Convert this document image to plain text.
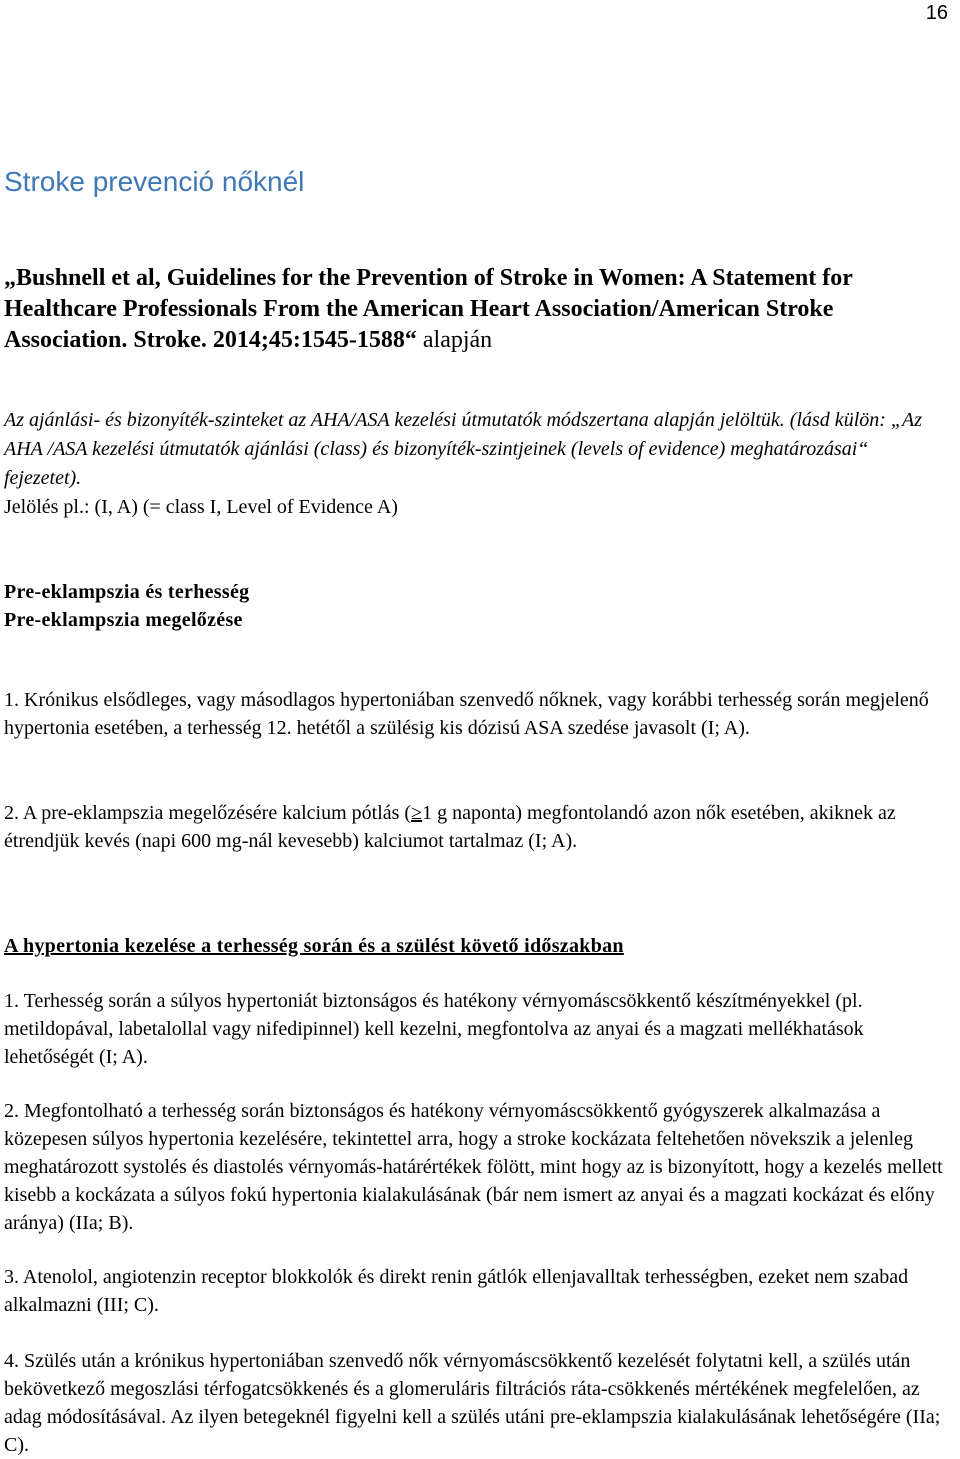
16
Stroke prevenció nőknél

„Bushnell et al, Guidelines for the Prevention of Stroke in Women: A Statement for Healthcare Professionals From the American Heart Association/American Stroke Association. Stroke. 2014;45:1545-1588“ alapján

Az ajánlási- és bizonyíték-szinteket az AHA/ASA kezelési útmutatók módszertana alapján jelöltük. (lásd külön: „Az AHA /ASA kezelési útmutatók ajánlási (class) és bizonyíték-szintjeinek (levels of evidence) meghatározásai“ fejezetet).
Jelölés pl.: (I, A) (= class I, Level of Evidence A)
Pre-eklampszia és terhesség
Pre-eklampszia megelőzése

1. Krónikus elsődleges, vagy másodlagos hypertoniában szenvedő nőknek, vagy korábbi terhesség során megjelenő hypertonia esetében, a terhesség 12. hetétől a szülésig kis dózisú ASA szedése javasolt (I; A).

2. A pre-eklampszia megelőzésére kalcium pótlás (≥1 g naponta) megfontolandó azon nők esetében, akiknek az étrendjük kevés (napi 600 mg-nál kevesebb) kalciumot tartalmaz (I; A).

A hypertonia kezelése a terhesség során és a szülést követő időszakban

1. Terhesség során a súlyos hypertoniát biztonságos és hatékony vérnyomáscsökkentő készítményekkel (pl. metildopával, labetalollal vagy nifedipinnel) kell kezelni, megfontolva az anyai és a magzati mellékhatások lehetőségét (I; A).

2. Megfontolható a terhesség során biztonságos és hatékony vérnyomáscsökkentő gyógyszerek alkalmazása a közepesen súlyos hypertonia kezelésére, tekintettel arra, hogy a stroke kockázata feltehetően növekszik a jelenleg meghatározott systolés és diastolés vérnyomás-határértékek fölött, mint hogy az is bizonyított, hogy a kezelés mellett kisebb a kockázata a súlyos fokú hypertonia kialakulásának (bár nem ismert az anyai és a magzati kockázat és előny aránya) (IIa; B).

3. Atenolol, angiotenzin receptor blokkolók és direkt renin gátlók ellenjavalltak terhességben, ezeket nem szabad alkalmazni (III; C).

4. Szülés után a krónikus hypertoniában szenvedő nők vérnyomáscsökkentő kezelését folytatni kell, a szülés után bekövetkező megoszlási térfogatcsökkenés és a glomeruláris filtrációs ráta-csökkenés mértékének megfelelően, az adag módosításával. Az ilyen betegeknél figyelni kell a szülés utáni pre-eklampszia kialakulásának lehetőségére (IIa; C).
